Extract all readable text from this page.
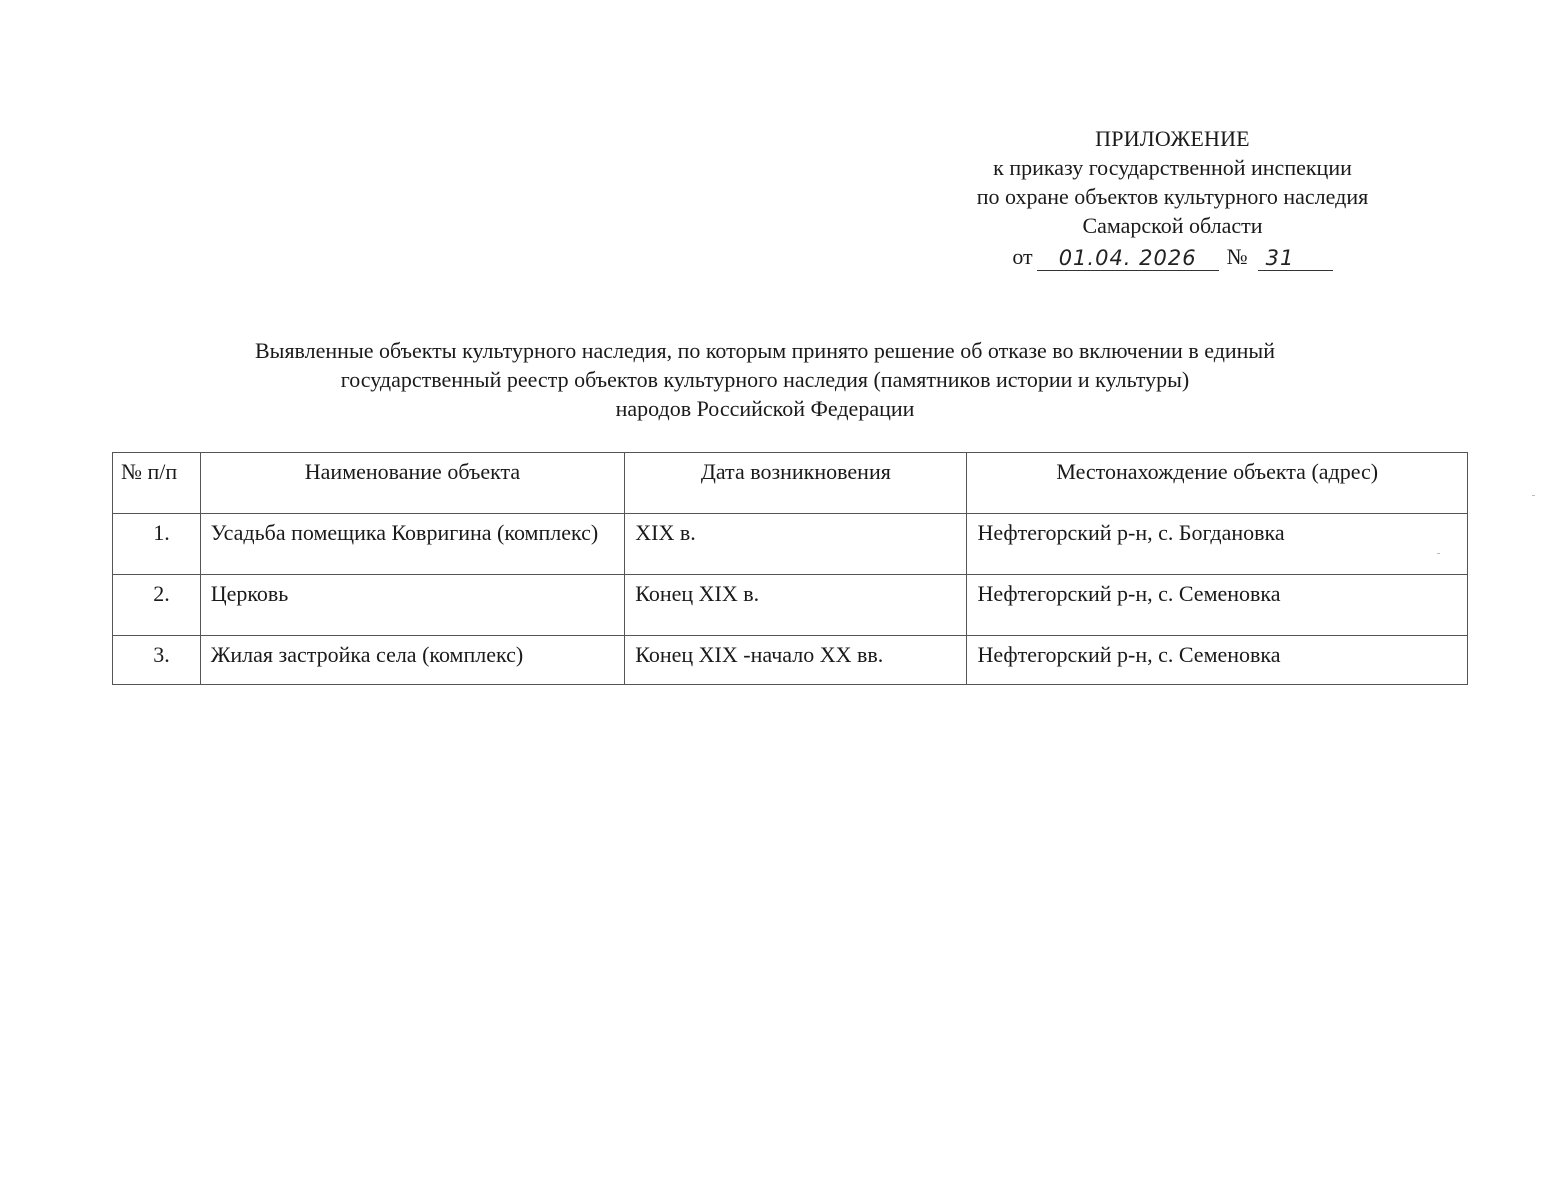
ПРИЛОЖЕНИЕ
к приказу государственной инспекции
по охране объектов культурного наследия
Самарской области
от	01.04. 2026	№ 31
Выявленные объекты культурного наследия, по которым принято решение об отказе во включении в единый
государственный реестр объектов культурного наследия (памятников истории и культуры)
народов Российской Федерации
№ п/п	Наименование объекта	Дата возникновения	Местонахождение объекта (адрес)
1.	Усадьба помещика Ковригина (комплекс)	XIX в.	Нефтегорский р-н, с. Богдановка
2.	Церковь	Конец XIX в.	Нефтегорский р-н, с. Семеновка
3.	Жилая застройка села (комплекс)	Конец XIX -начало XX вв.	Нефтегорский р-н, с. Семеновка
